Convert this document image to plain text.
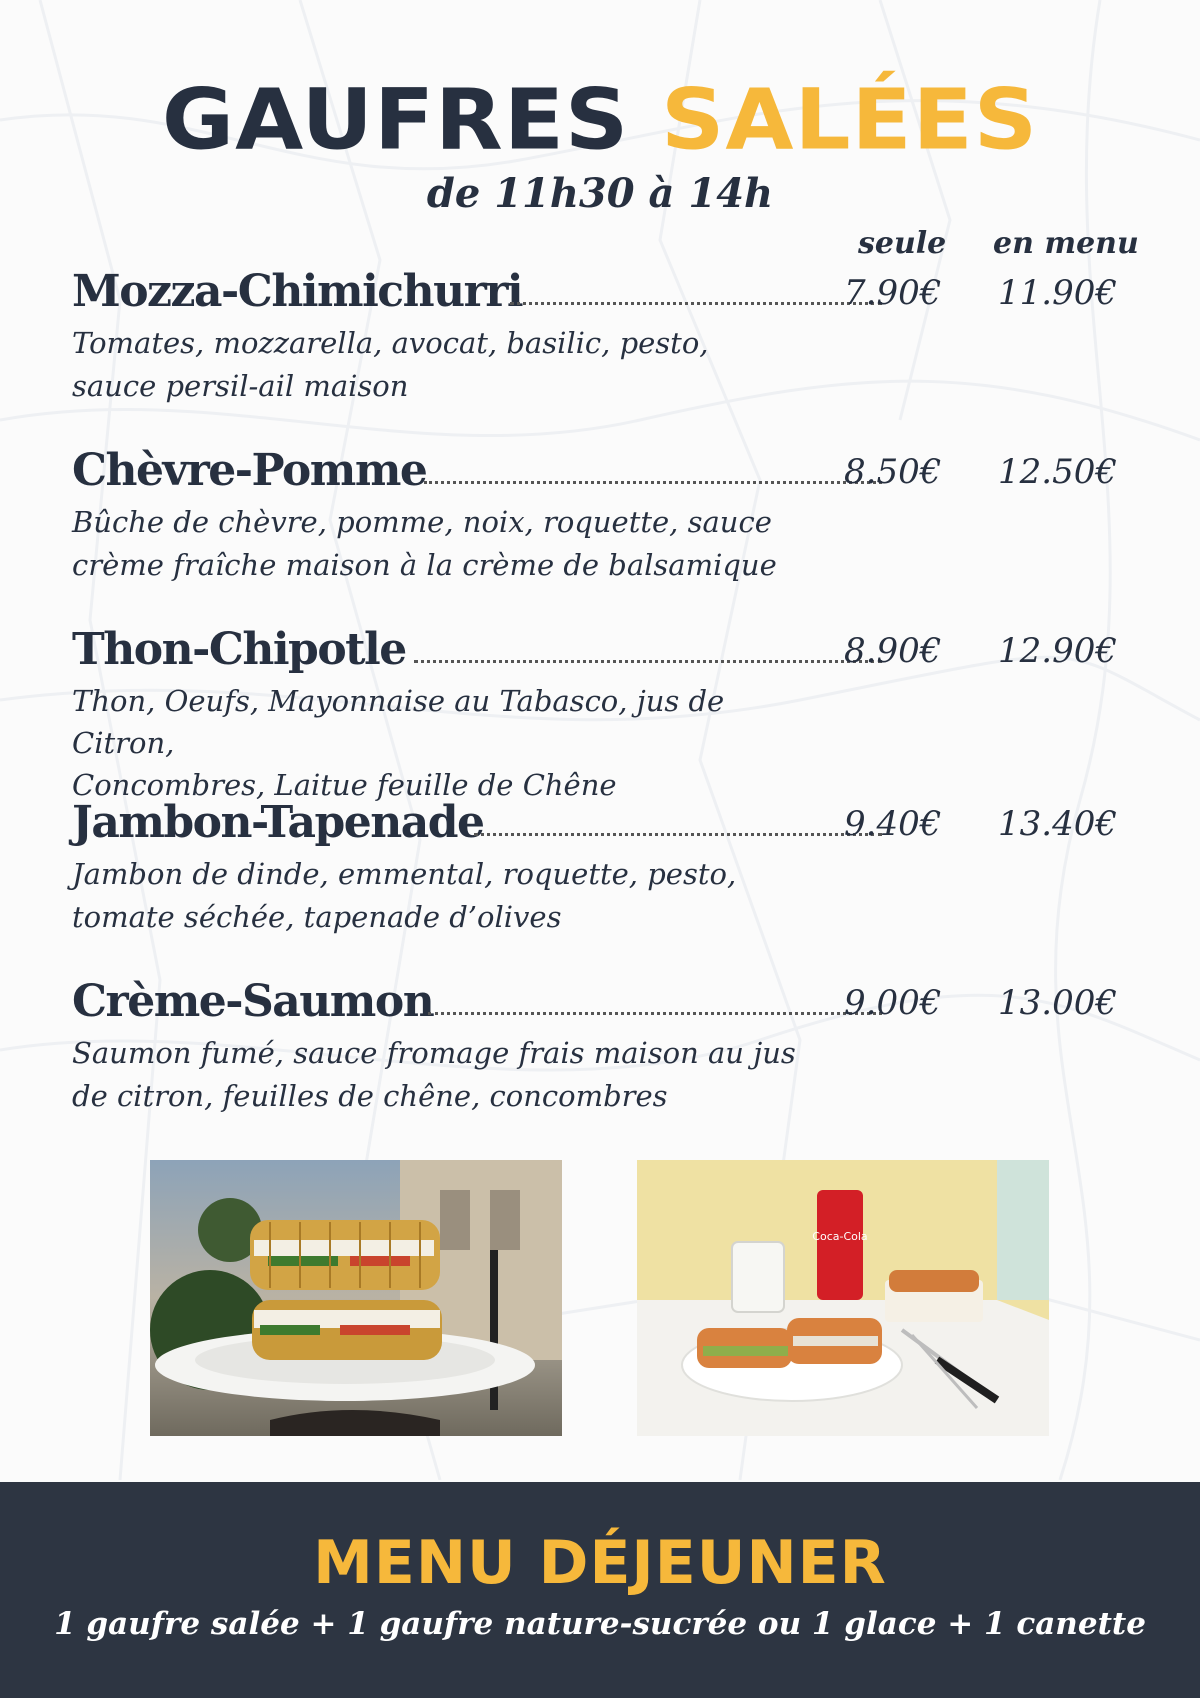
GAUFRES SALÉES
de 11h30 à 14h
seule en menu
Mozza-Chimichurri	7.90€ 11.90€
Tomates, mozzarella, avocat, basilic, pesto,
sauce persil-ail maison
Chèvre-Pomme	8.50€ 12.50€
Bûche de chèvre, pomme, noix, roquette, sauce
crème fraîche maison à la crème de balsamique
Thon-Chipotle	8.90€ 12.90€
Thon, Oeufs, Mayonnaise au Tabasco, jus de Citron,
Concombres, Laitue feuille de Chêne
Jambon-Tapenade	9.40€ 13.40€
Jambon de dinde, emmental, roquette, pesto,
tomate séchée, tapenade d’olives
Crème-Saumon	9.00€ 13.00€
Saumon fumé, sauce fromage frais maison au jus
de citron, feuilles de chêne, concombres
Coca-Cola
MENU DÉJEUNER
1 gaufre salée + 1 gaufre nature-sucrée ou 1 glace + 1 canette
